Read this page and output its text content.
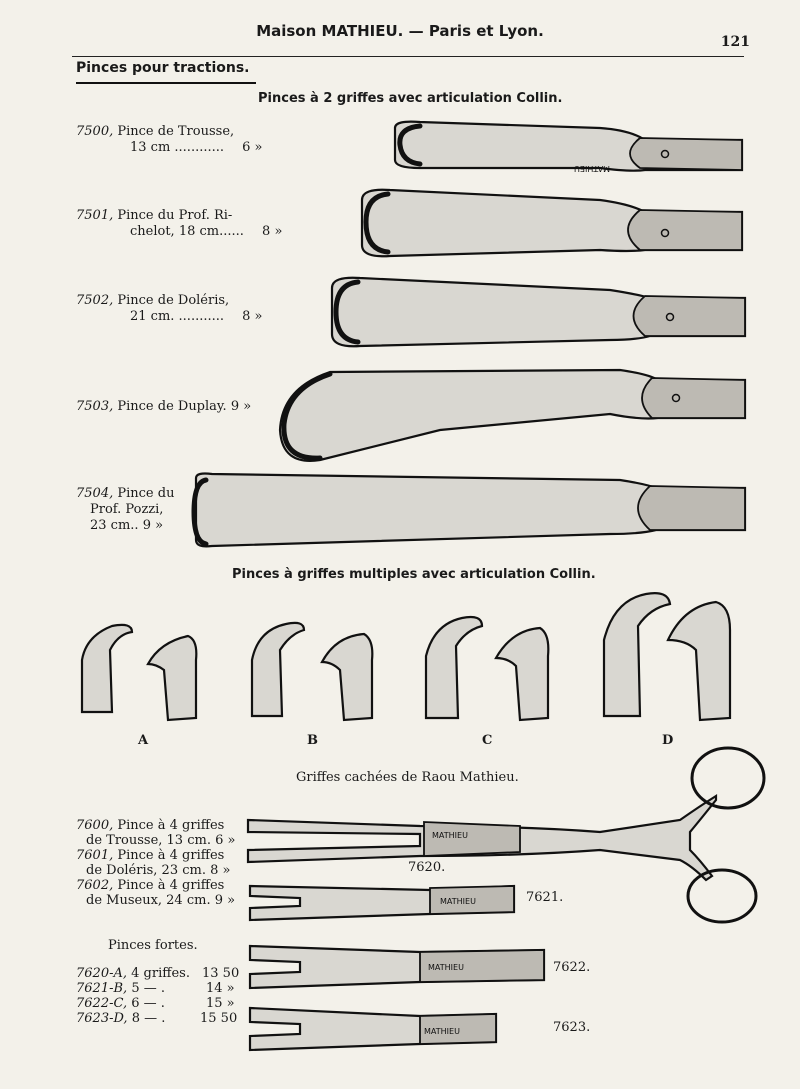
Maison MATHIEU. — Paris et Lyon.
121
Pinces pour tractions.
Pinces à 2 griffes avec articulation Collin.
7500, Pince de Trousse,
13 cm ............ 6 »
7501, Pince du Prof. Ri-
chelot, 18 cm...... 8 »
7502, Pince de Doléris,
21 cm. ........... 8 »
7503, Pince de Duplay. 9 »
7504, Pince du
Prof. Pozzi,
23 cm.. 9 »
Pinces à griffes multiples avec articulation Collin.
A	B	C	D
Griffes cachées de Raou Mathieu.
7600, Pince à 4 griffes
de Trousse, 13 cm. 6 »
7601, Pince à 4 griffes
de Doléris, 23 cm. 8 »
7602, Pince à 4 griffes
de Museux, 24 cm. 9 »
Pinces fortes.
7620-A, 4 griffes. 13 50
7621-B, 5 — .	14 »
7622-C, 6 — .	15 »
7623-D, 8 — .	15 50
7620.
7621.
7622.
7623.
MATHIEU
MATHIEU
MATHIEU
MATHIEU
MATHIEU
